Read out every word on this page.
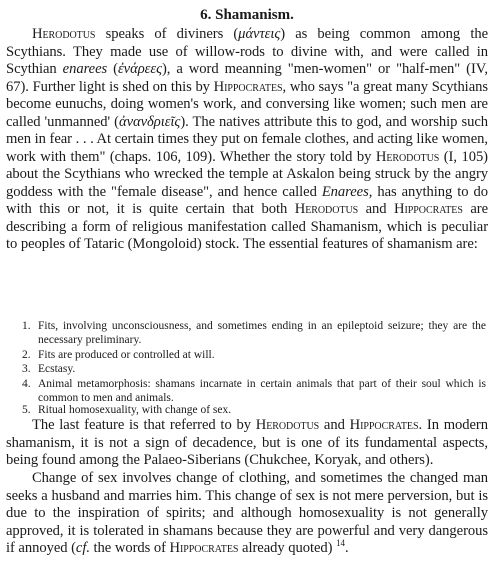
6. Shamanism.

Herodotus speaks of diviners (μάντεις) as being common among the Scythians. They made use of willow-rods to divine with, and were called in Scythian enarees (ἐνάρεες), a word meanning "men-women" or "half-men" (IV, 67). Further light is shed on this by Hippocrates, who says "a great many Scythians become eunuchs, doing women's work, and conversing like women; such men are called 'unmanned' (ἀνανδριεῖς). The natives attribute this to god, and worship such men in fear . . . At certain times they put on female clothes, and acting like women, work with them" (chaps. 106, 109). Whether the story told by Herodotus (I, 105) about the Scythians who wrecked the temple at Askalon being struck by the angry goddess with the "female disease", and hence called Enarees, has anything to do with this or not, it is quite certain that both Herodotus and Hippocrates are describing a form of religious manifestation called Shamanism, which is peculiar to peoples of Tataric (Mongoloid) stock. The essential features of shamanism are:

1. Fits, involving unconsciousness, and sometimes ending in an epileptoid seizure; they are the necessary preliminary.
2. Fits are produced or controlled at will.
3. Ecstasy.
4. Animal metamorphosis: shamans incarnate in certain animals that part of their soul which is common to men and animals.
5. Ritual homosexuality, with change of sex.

The last feature is that referred to by Herodotus and Hippocrates. In modern shamanism, it is not a sign of decadence, but is one of its fundamental aspects, being found among the Palaeo-Siberians (Chukchee, Koryak, and others).

Change of sex involves change of clothing, and sometimes the changed man seeks a husband and marries him. This change of sex is not mere perversion, but is due to the inspiration of spirits; and although homosexuality is not generally approved, it is tolerated in shamans because they are powerful and very dangerous if annoyed (cf. the words of Hippocrates already quoted) $^{14}$.
